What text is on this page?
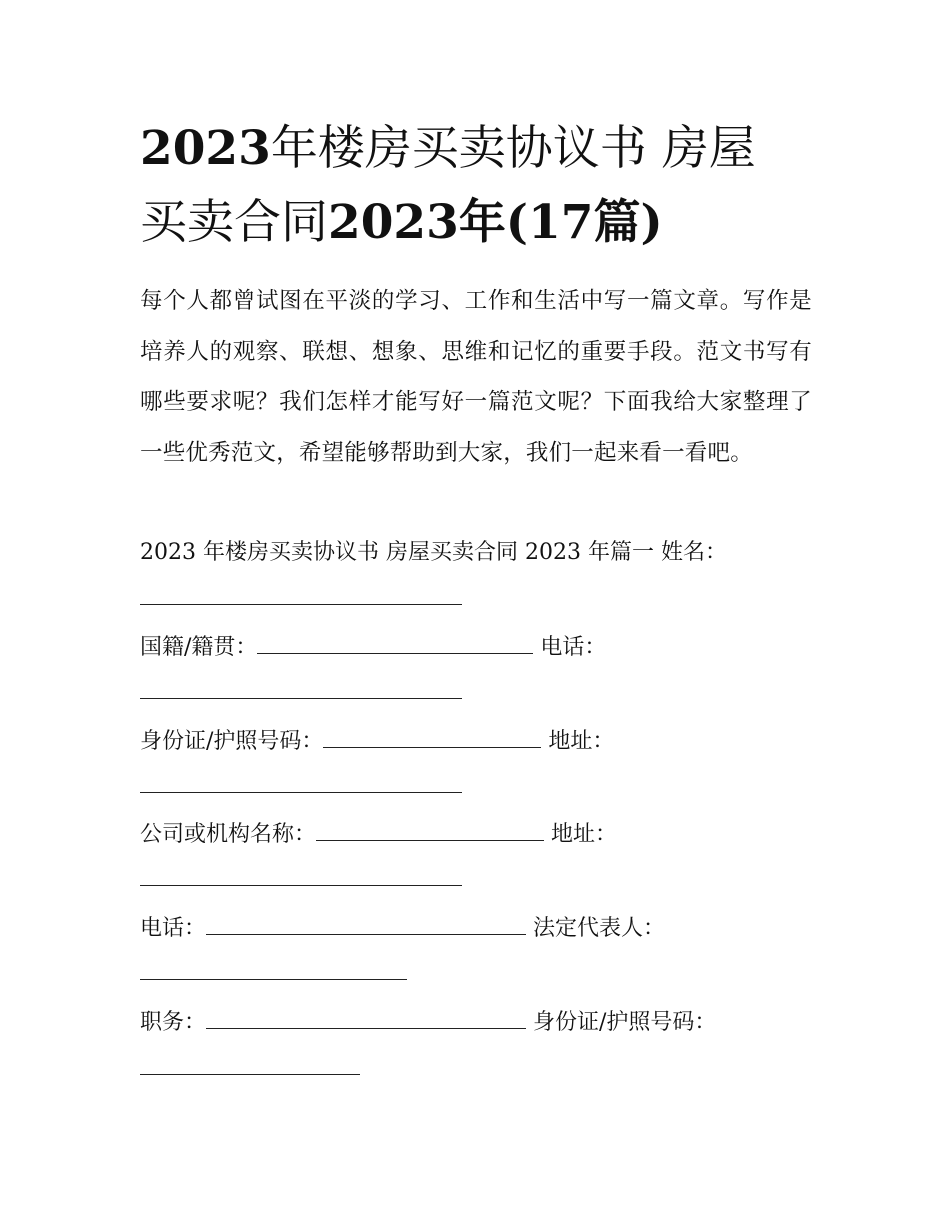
2023年楼房买卖协议书 房屋
买卖合同2023年(17篇)

每个人都曾试图在平淡的学习、工作和生活中写一篇文章。写作是培养人的观察、联想、想象、思维和记忆的重要手段。范文书写有哪些要求呢？我们怎样才能写好一篇范文呢？下面我给大家整理了一些优秀范文，希望能够帮助到大家，我们一起来看一看吧。

2023 年楼房买卖协议书 房屋买卖合同 2023 年篇一 姓名：
国籍/籍贯：	电话：
身份证/护照号码：	地址：
公司或机构名称：	地址：
电话：	法定代表人：
职务：	身份证/护照号码：
